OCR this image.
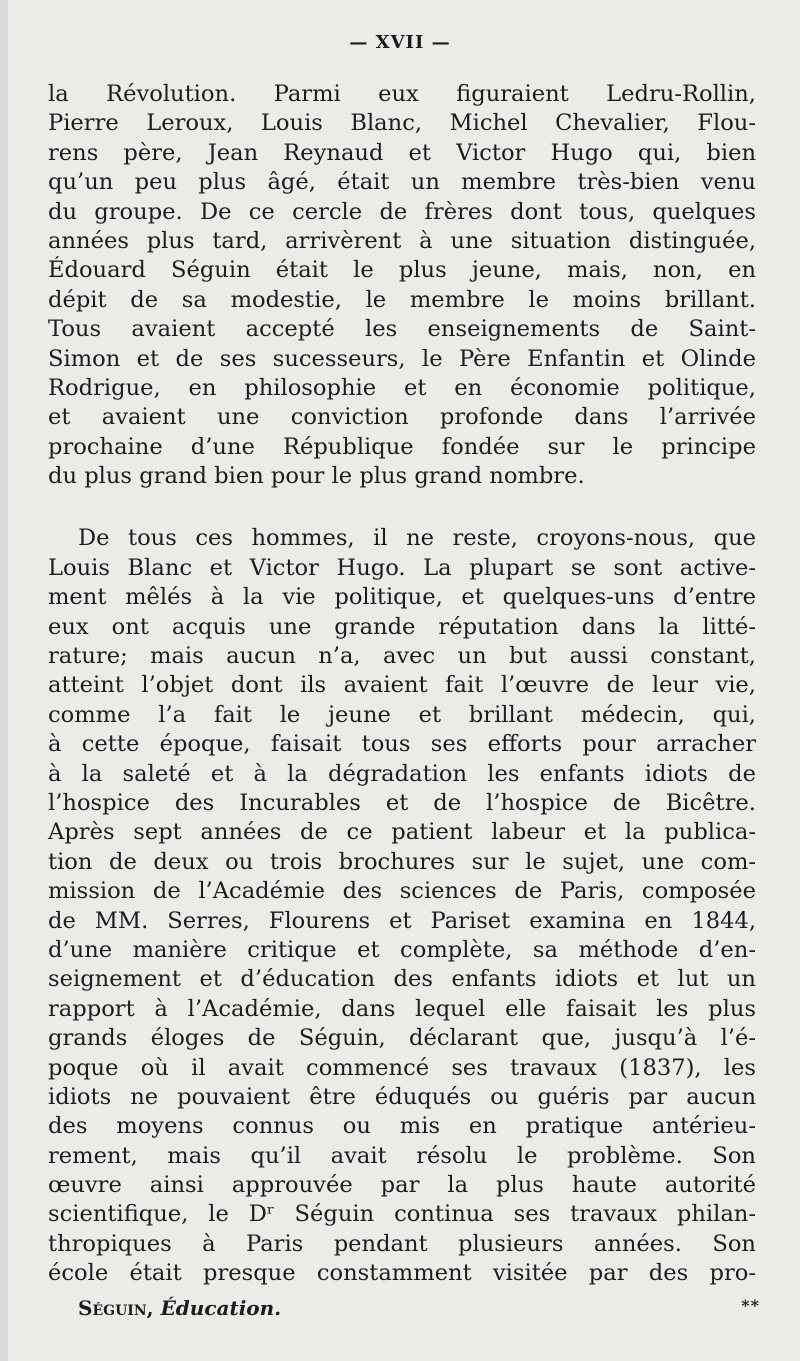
— XVII —
la Révolution. Parmi eux figuraient Ledru-Rollin,
Pierre Leroux, Louis Blanc, Michel Chevalier, Flou-
rens père, Jean Reynaud et Victor Hugo qui, bien
qu’un peu plus âgé, était un membre très-bien venu
du groupe. De ce cercle de frères dont tous, quelques
années plus tard, arrivèrent à une situation distinguée,
Édouard Séguin était le plus jeune, mais, non, en
dépit de sa modestie, le membre le moins brillant.
Tous avaient accepté les enseignements de Saint-
Simon et de ses sucesseurs, le Père Enfantin et Olinde
Rodrigue, en philosophie et en économie politique,
et avaient une conviction profonde dans l’arrivée
prochaine d’une République fondée sur le principe
du plus grand bien pour le plus grand nombre.
De tous ces hommes, il ne reste, croyons-nous, que
Louis Blanc et Victor Hugo. La plupart se sont active-
ment mêlés à la vie politique, et quelques-uns d’entre
eux ont acquis une grande réputation dans la litté-
rature; mais aucun n’a, avec un but aussi constant,
atteint l’objet dont ils avaient fait l’œuvre de leur vie,
comme l’a fait le jeune et brillant médecin, qui,
à cette époque, faisait tous ses efforts pour arracher
à la saleté et à la dégradation les enfants idiots de
l’hospice des Incurables et de l’hospice de Bicêtre.
Après sept années de ce patient labeur et la publica-
tion de deux ou trois brochures sur le sujet, une com-
mission de l’Académie des sciences de Paris, composée
de MM. Serres, Flourens et Pariset examina en 1844,
d’une manière critique et complète, sa méthode d’en-
seignement et d’éducation des enfants idiots et lut un
rapport à l’Académie, dans lequel elle faisait les plus
grands éloges de Séguin, déclarant que, jusqu’à l’é-
poque où il avait commencé ses travaux (1837), les
idiots ne pouvaient être éduqués ou guéris par aucun
des moyens connus ou mis en pratique antérieu-
rement, mais qu’il avait résolu le problème. Son
œuvre ainsi approuvée par la plus haute autorité
scientifique, le Dʳ Séguin continua ses travaux philan-
thropiques à Paris pendant plusieurs années. Son
école était presque constamment visitée par des pro-
Séguin, Éducation.	**
